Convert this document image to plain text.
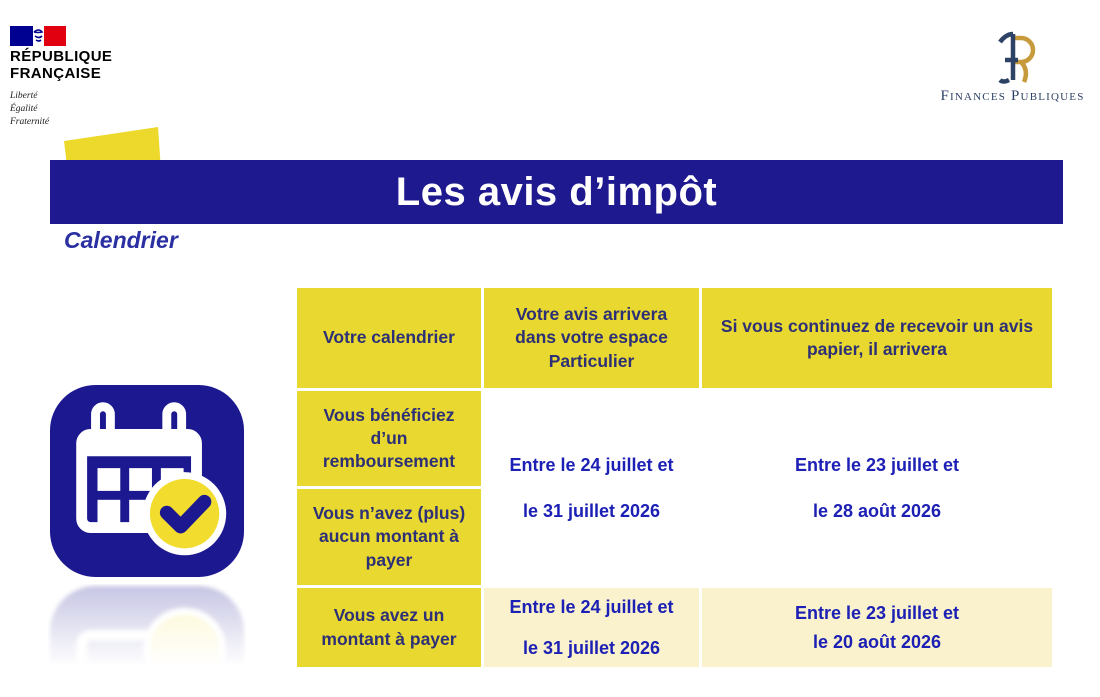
RÉPUBLIQUE
FRANÇAISE
Liberté
Égalité
Fraternité
Finances Publiques
Les avis d’impôt
Calendrier
Votre calendrier
Votre avis arrivera dans votre espace Particulier
Si vous continuez de recevoir un avis papier, il arrivera
Vous bénéficiez d’un remboursement
Vous n’avez (plus) aucun montant à payer
Entre le 24 juillet et
le 31 juillet 2026
Entre le 23 juillet et
le 28 août 2026
Vous avez un montant à payer
Entre le 24 juillet et
le 31 juillet 2026
Entre le 23 juillet et
le 20 août 2026
